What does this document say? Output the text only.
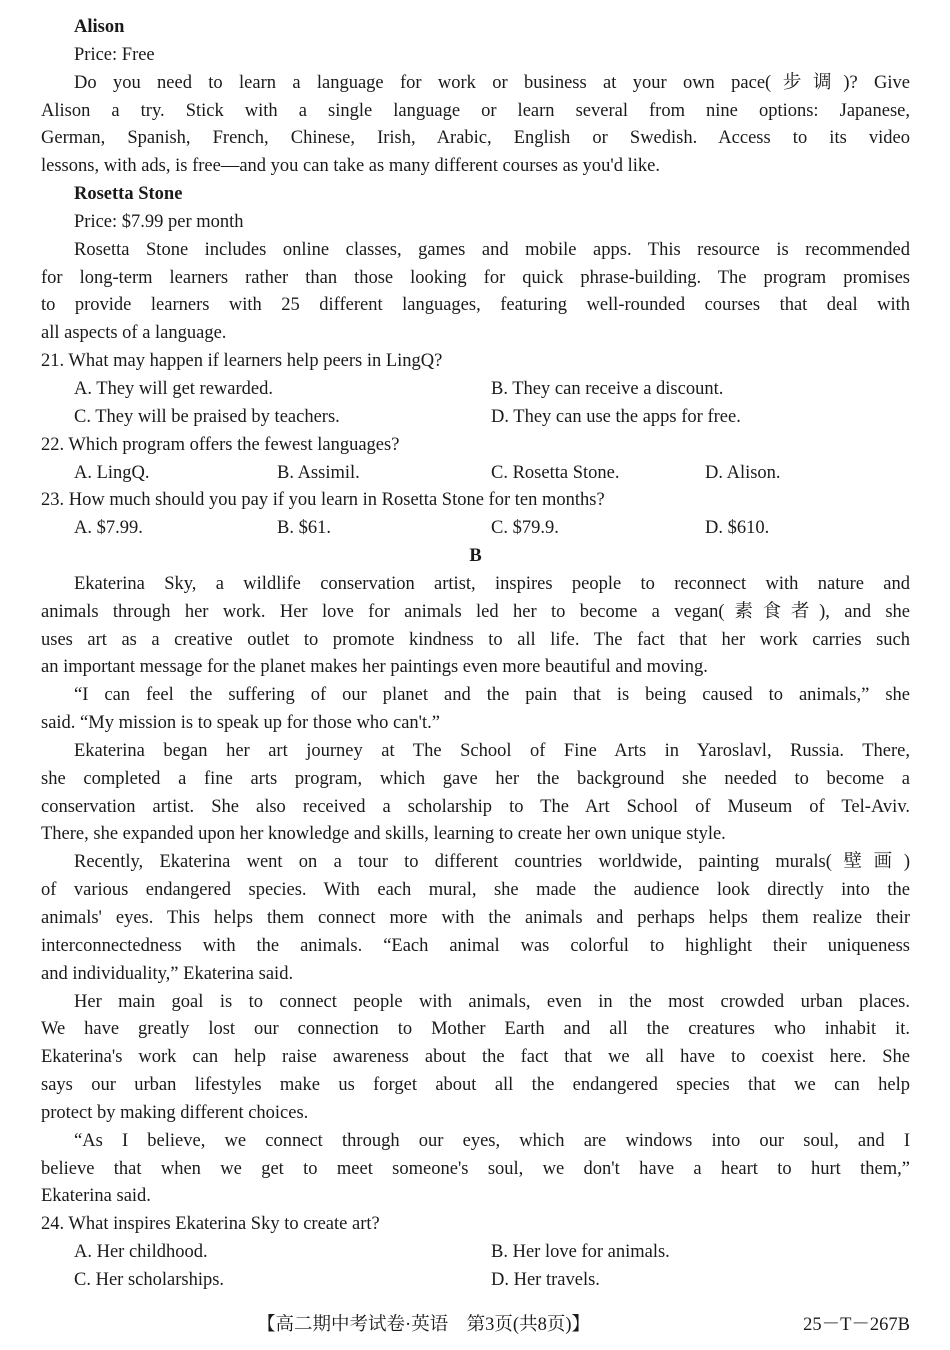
Alison
Price: Free
Do you need to learn a language for work or business at your own pace(步调)? Give
Alison a try. Stick with a single language or learn several from nine options: Japanese,
German, Spanish, French, Chinese, Irish, Arabic, English or Swedish. Access to its video
lessons, with ads, is free—and you can take as many different courses as you'd like.
Rosetta Stone
Price: $7.99 per month
Rosetta Stone includes online classes, games and mobile apps. This resource is recommended
for long-term learners rather than those looking for quick phrase-building. The program promises
to provide learners with 25 different languages, featuring well-rounded courses that deal with
all aspects of a language.
21. What may happen if learners help peers in LingQ?
A. They will get rewarded.	B. They can receive a discount.
C. They will be praised by teachers.	D. They can use the apps for free.
22. Which program offers the fewest languages?
A. LingQ.	B. Assimil.	C. Rosetta Stone.	D. Alison.
23. How much should you pay if you learn in Rosetta Stone for ten months?
A. $7.99.	B. $61.	C. $79.9.	D. $610.
B
Ekaterina Sky, a wildlife conservation artist, inspires people to reconnect with nature and
animals through her work. Her love for animals led her to become a vegan(素食者), and she
uses art as a creative outlet to promote kindness to all life. The fact that her work carries such
an important message for the planet makes her paintings even more beautiful and moving.
“I can feel the suffering of our planet and the pain that is being caused to animals,” she
said. “My mission is to speak up for those who can't.”
Ekaterina began her art journey at The School of Fine Arts in Yaroslavl, Russia. There,
she completed a fine arts program, which gave her the background she needed to become a
conservation artist. She also received a scholarship to The Art School of Museum of Tel-Aviv.
There, she expanded upon her knowledge and skills, learning to create her own unique style.
Recently, Ekaterina went on a tour to different countries worldwide, painting murals(壁画)
of various endangered species. With each mural, she made the audience look directly into the
animals' eyes. This helps them connect more with the animals and perhaps helps them realize their
interconnectedness with the animals. “Each animal was colorful to highlight their uniqueness
and individuality,” Ekaterina said.
Her main goal is to connect people with animals, even in the most crowded urban places.
We have greatly lost our connection to Mother Earth and all the creatures who inhabit it.
Ekaterina's work can help raise awareness about the fact that we all have to coexist here. She
says our urban lifestyles make us forget about all the endangered species that we can help
protect by making different choices.
“As I believe, we connect through our eyes, which are windows into our soul, and I
believe that when we get to meet someone's soul, we don't have a heart to hurt them,”
Ekaterina said.
24. What inspires Ekaterina Sky to create art?
A. Her childhood.	B. Her love for animals.
C. Her scholarships.	D. Her travels.
【高二期中考试卷·英语　第3页(共8页)】	25－T－267B
